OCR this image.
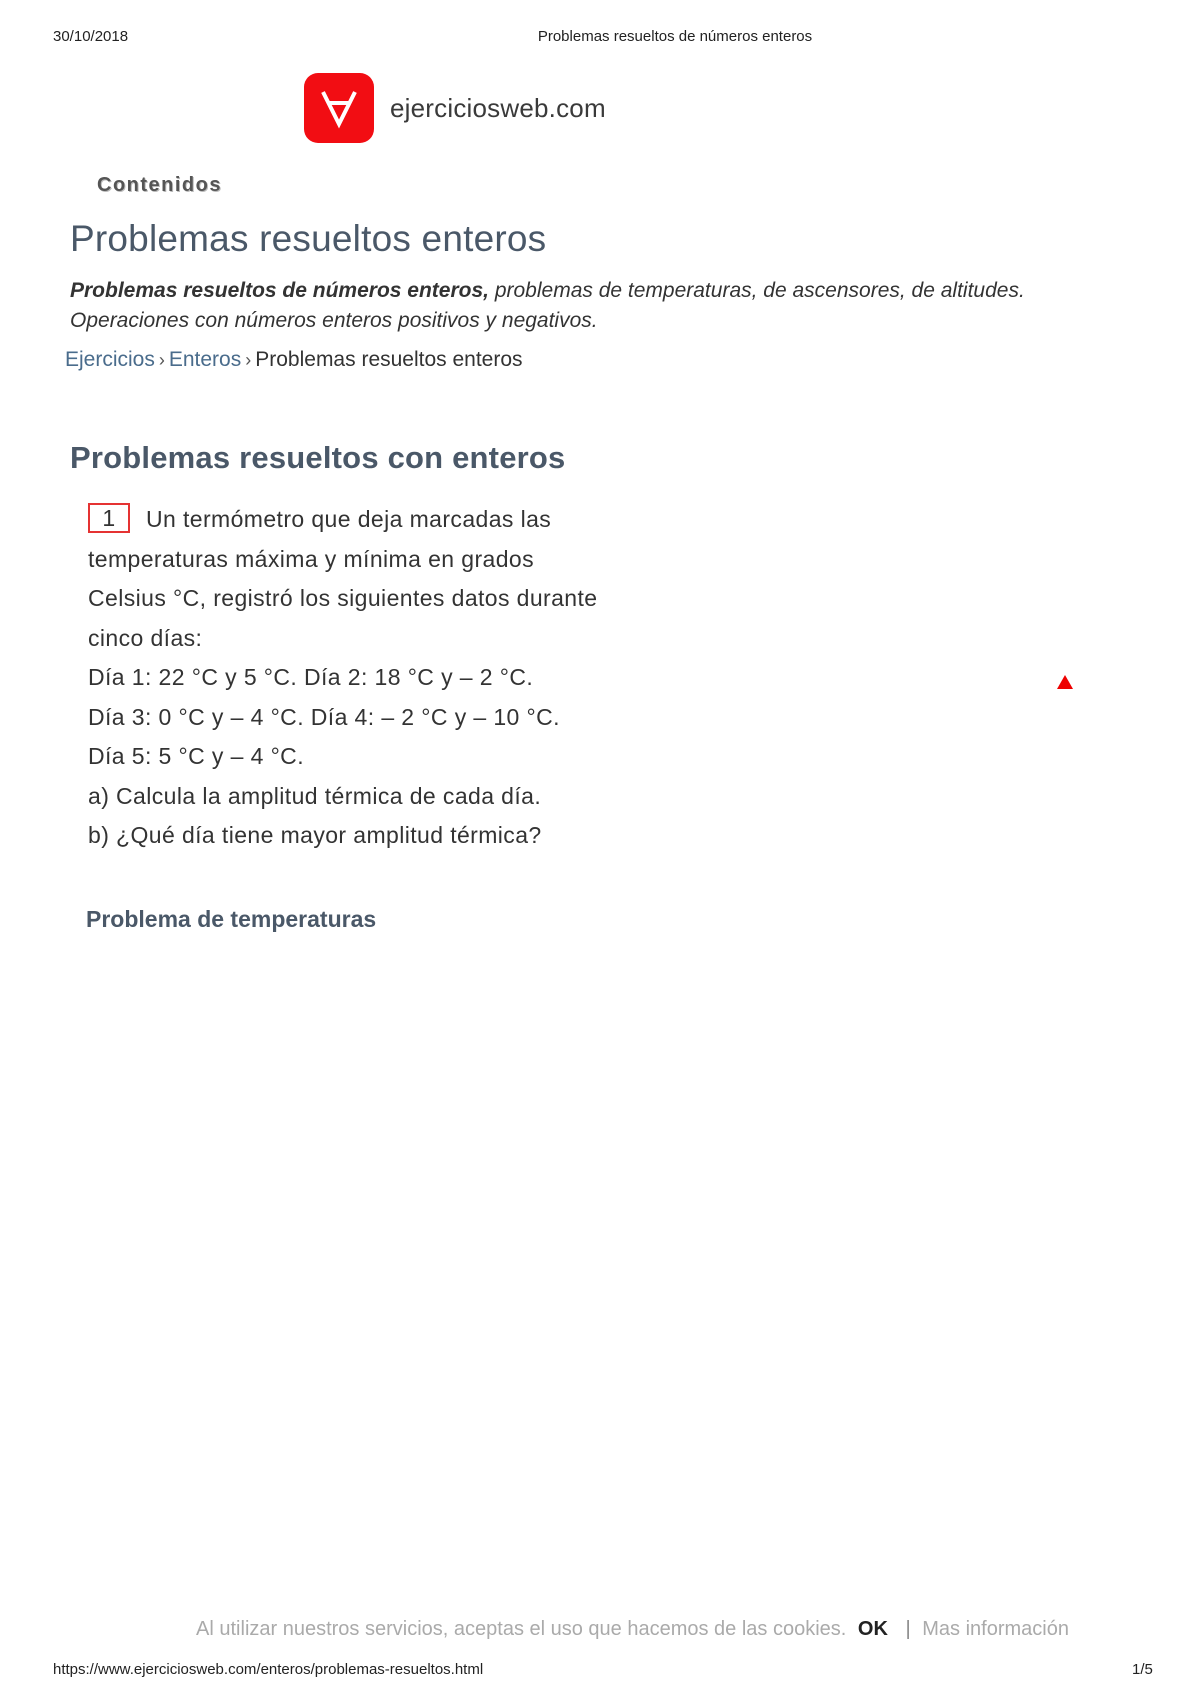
30/10/2018	Problemas resueltos de números enteros
ejerciciosweb.com
Contenidos
Problemas resueltos enteros
Problemas resueltos de números enteros, problemas de temperaturas, de ascensores, de altitudes. Operaciones con números enteros positivos y negativos.
Ejercicios › Enteros › Problemas resueltos enteros
Problemas resueltos con enteros
1 Un termómetro que deja marcadas las
temperaturas máxima y mínima en grados
Celsius °C, registró los siguientes datos durante
cinco días:
Día 1: 22 °C y 5 °C. Día 2: 18 °C y – 2 °C.
Día 3: 0 °C y – 4 °C. Día 4: – 2 °C y – 10 °C.
Día 5: 5 °C y – 4 °C.
a) Calcula la amplitud térmica de cada día.
b) ¿Qué día tiene mayor amplitud térmica?
Problema de temperaturas
Al utilizar nuestros servicios, aceptas el uso que hacemos de las cookies. OK | Mas información
https://www.ejerciciosweb.com/enteros/problemas-resueltos.html	1/5
